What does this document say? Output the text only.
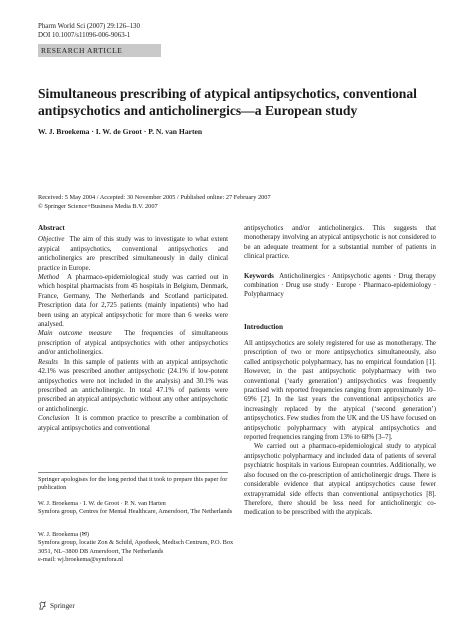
Pharm World Sci (2007) 29:126–130
DOI 10.1007/s11096-006-9063-1
RESEARCH ARTICLE
Simultaneous prescribing of atypical antipsychotics, conventional antipsychotics and anticholinergics—a European study
W. J. Broekema · I. W. de Groot · P. N. van Harten
Received: 5 May 2004 / Accepted: 30 November 2005 / Published online: 27 February 2007
© Springer Science+Business Media B.V. 2007

Abstract

Objective The aim of this study was to investigate to what extent atypical antipsychotics, conventional antipsychotics and anticholinergics are prescribed simultaneously in daily clinical practice in Europe.

Method A pharmaco-epidemiological study was carried out in which hospital pharmacists from 45 hospitals in Belgium, Denmark, France, Germany, The Netherlands and Scotland participated. Prescription data for 2,725 patients (mainly inpatients) who had been using an atypical antipsychotic for more than 6 weeks were analysed.

Main outcome measure The frequencies of simultaneous prescription of atypical antipsychotics with other antipsychotics and/or anticholinergics.

Results In this sample of patients with an atypical antipsychotic 42.1% was prescribed another antipsychotic (24.1% if low-potent antipsychotics were not included in the analysis) and 30.1% was prescribed an anticholinergic. In total 47.1% of patients were prescribed an atypical antipsychotic without any other antipsychotic or anticholinergic.

Conclusion It is common practice to prescribe a combination of atypical antipsychotics and conventional

antipsychotics and/or anticholinergics. This suggests that monotherapy involving an atypical antipsychotic is not considered to be an adequate treatment for a substantial number of patients in clinical practice.

Keywords Anticholinergics · Antipsychotic agents · Drug therapy combination · Drug use study · Europe · Pharmaco-epidemiology · Polypharmacy

Introduction

All antipsychotics are solely registered for use as monotherapy. The prescription of two or more antipsychotics simultaneously, also called antipsychotic polypharmacy, has no empirical foundation [1]. However, in the past antipsychotic polypharmacy with two conventional (‘early generation’) antipsychotics was frequently practised with reported frequencies ranging from approximately 10–69% [2]. In the last years the conventional antipsychotics are increasingly replaced by the atypical (‘second generation’) antipsychotics. Few studies from the UK and the US have focused on antipsychotic polypharmacy with atypical antipsychotics and reported frequencies ranging from 13% to 68% [3–7].

We carried out a pharmaco-epidemiological study to atypical antipsychotic polypharmacy and included data of patients of several psychiatric hospitals in various European countries. Additionally, we also focused on the co-prescription of anticholinergic drugs. There is considerable evidence that atypical antipsychotics cause fewer extrapyramidal side effects than conventional antipsychotics [8]. Therefore, there should be less need for anticholinergic co-medication to be prescribed with the atypicals.

Springer apologises for the long period that it took to prepare this paper for publication
W. J. Broekema · I. W. de Groot · P. N. van Harten
Symfora group, Centres for Mental Healthcare, Amersfoort, The Netherlands
W. J. Broekema (✉)
Symfora group, locatie Zon & Schild, Apotheek, Medisch Centrum, P.O. Box 3051, NL–3800 DB Amersfoort, The Netherlands
e-mail: wj.broekema@symfora.nl
Springer
